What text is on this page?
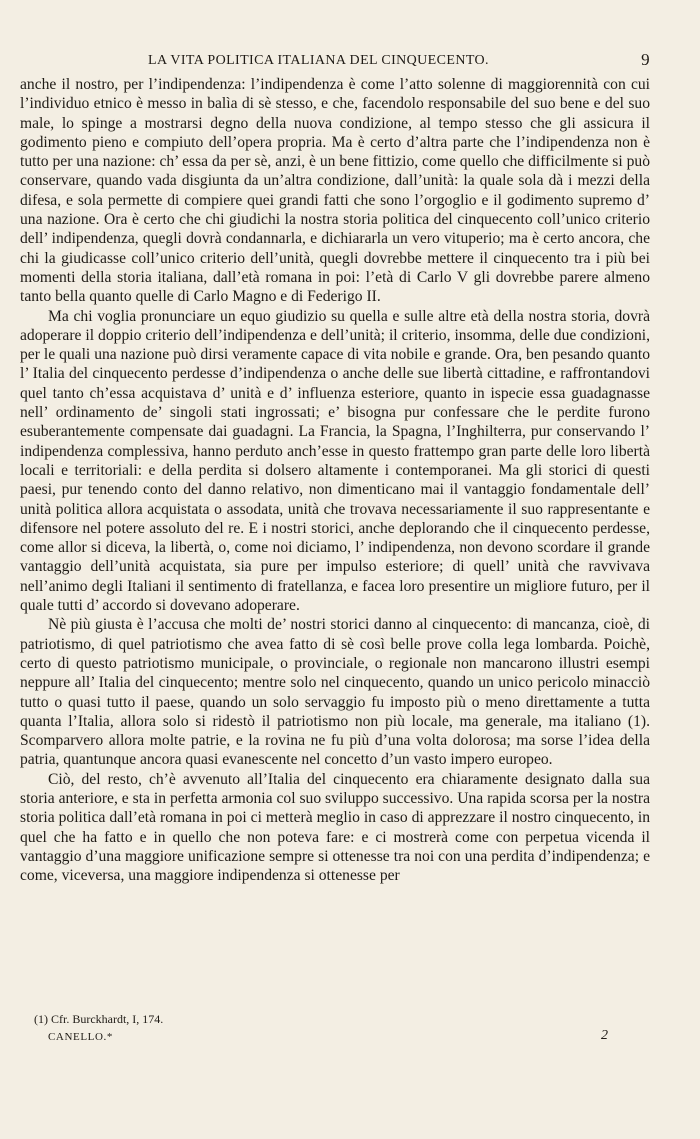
LA VITA POLITICA ITALIANA DEL CINQUECENTO.	9

anche il nostro, per l’indipendenza: l’indipendenza è come l’atto solenne di maggiorennità con cui l’individuo etnico è messo in balìa di sè stesso, e che, facendolo responsabile del suo bene e del suo male, lo spinge a mostrarsi degno della nuova condizione, al tempo stesso che gli assicura il godimento pieno e compiuto dell’opera propria. Ma è certo d’altra parte che l’indipendenza non è tutto per una nazione: ch’ essa da per sè, anzi, è un bene fittizio, come quello che difficilmente si può conservare, quando vada disgiunta da un’altra condizione, dall’unità: la quale sola dà i mezzi della difesa, e sola permette di compiere quei grandi fatti che sono l’orgoglio e il godimento supremo d’ una nazione. Ora è certo che chi giudichi la nostra storia politica del cinquecento coll’unico criterio dell’ indipendenza, quegli dovrà condannarla, e dichiararla un vero vituperio; ma è certo ancora, che chi la giudicasse coll’unico criterio dell’unità, quegli dovrebbe mettere il cinquecento tra i più bei momenti della storia italiana, dall’età romana in poi: l’età di Carlo V gli dovrebbe parere almeno tanto bella quanto quelle di Carlo Magno e di Federigo II.

Ma chi voglia pronunciare un equo giudizio su quella e sulle altre età della nostra storia, dovrà adoperare il doppio criterio dell’indipendenza e dell’unità; il criterio, insomma, delle due condizioni, per le quali una nazione può dirsi veramente capace di vita nobile e grande. Ora, ben pesando quanto l’ Italia del cinquecento perdesse d’indipendenza o anche delle sue libertà cittadine, e raffrontandovi quel tanto ch’essa acquistava d’ unità e d’ influenza esteriore, quanto in ispecie essa guadagnasse nell’ ordinamento de’ singoli stati ingrossati; e’ bisogna pur confessare che le perdite furono esuberantemente compensate dai guadagni. La Francia, la Spagna, l’Inghilterra, pur conservando l’ indipendenza complessiva, hanno perduto anch’esse in questo frattempo gran parte delle loro libertà locali e territoriali: e della perdita si dolsero altamente i contemporanei. Ma gli storici di questi paesi, pur tenendo conto del danno relativo, non dimenticano mai il vantaggio fondamentale dell’ unità politica allora acquistata o assodata, unità che trovava necessariamente il suo rappresentante e difensore nel potere assoluto del re. E i nostri storici, anche deplorando che il cinquecento perdesse, come allor si diceva, la libertà, o, come noi diciamo, l’ indipendenza, non devono scordare il grande vantaggio dell’unità acquistata, sia pure per impulso esteriore; di quell’ unità che ravvivava nell’animo degli Italiani il sentimento di fratellanza, e facea loro presentire un migliore futuro, per il quale tutti d’ accordo si dovevano adoperare.

Nè più giusta è l’accusa che molti de’ nostri storici danno al cinquecento: di mancanza, cioè, di patriotismo, di quel patriotismo che avea fatto di sè così belle prove colla lega lombarda. Poichè, certo di questo patriotismo municipale, o provinciale, o regionale non mancarono illustri esempi neppure all’ Italia del cinquecento; mentre solo nel cinquecento, quando un unico pericolo minacciò tutto o quasi tutto il paese, quando un solo servaggio fu imposto più o meno direttamente a tutta quanta l’Italia, allora solo si ridestò il patriotismo non più locale, ma generale, ma italiano (1). Scomparvero allora molte patrie, e la rovina ne fu più d’una volta dolorosa; ma sorse l’idea della patria, quantunque ancora quasi evanescente nel concetto d’un vasto impero europeo.

Ciò, del resto, ch’è avvenuto all’Italia del cinquecento era chiaramente designato dalla sua storia anteriore, e sta in perfetta armonia col suo sviluppo successivo. Una rapida scorsa per la nostra storia politica dall’età romana in poi ci metterà meglio in caso di apprezzare il nostro cinquecento, in quel che ha fatto e in quello che non poteva fare: e ci mostrerà come con perpetua vicenda il vantaggio d’una maggiore unificazione sempre si ottenesse tra noi con una perdita d’indipendenza; e come, viceversa, una maggiore indipendenza si ottenesse per

(1) Cfr. Burckhardt, I, 174.
CANELLO.*	2
